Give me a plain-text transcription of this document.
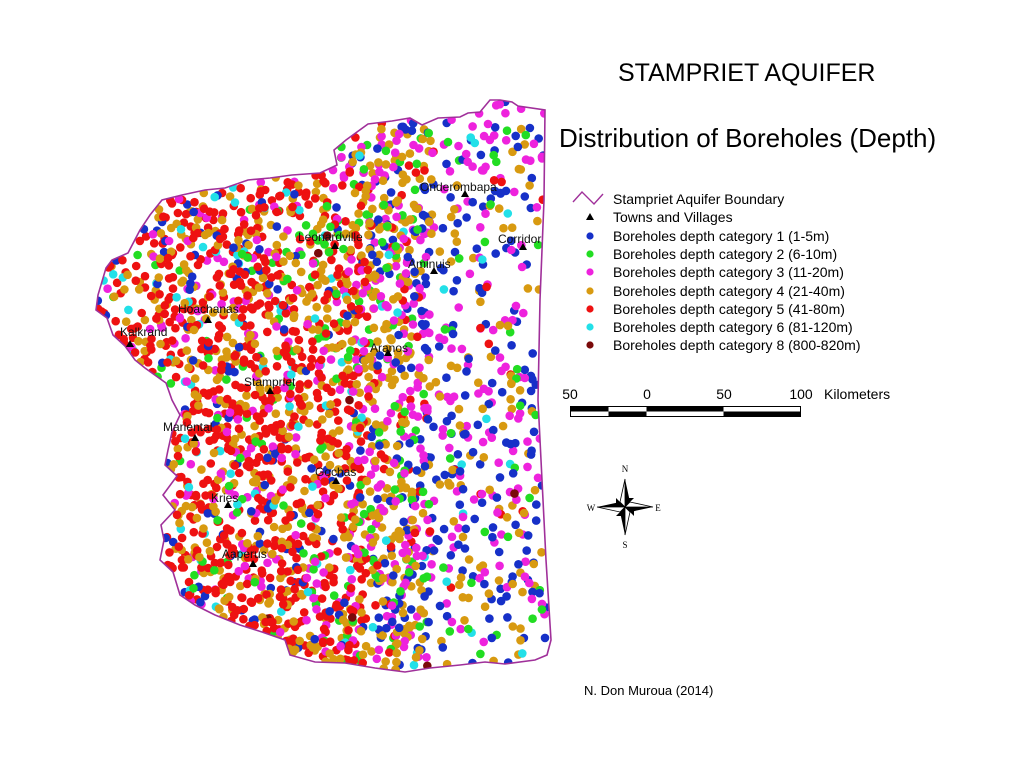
Onderombapa
Corridor
Leonardville
Aminuis
Hoachanas
Kalkrand
Aranos
Stampriet
Mariental
Gochas
Kries
Aaperus
STAMPRIET AQUIFER
Distribution of Boreholes (Depth)
Stampriet Aquifer Boundary
Towns and Villages
Boreholes depth category 1 (1-5m)
Boreholes depth category 2 (6-10m)
Boreholes depth category 3 (11-20m)
Boreholes depth category 4 (21-40m)
Boreholes depth category 5 (41-80m)
Boreholes depth category 6 (81-120m)
Boreholes depth category 8 (800-820m)
50	0	50	100 Kilometers
N
S
E
W
N. Don Muroua (2014)
